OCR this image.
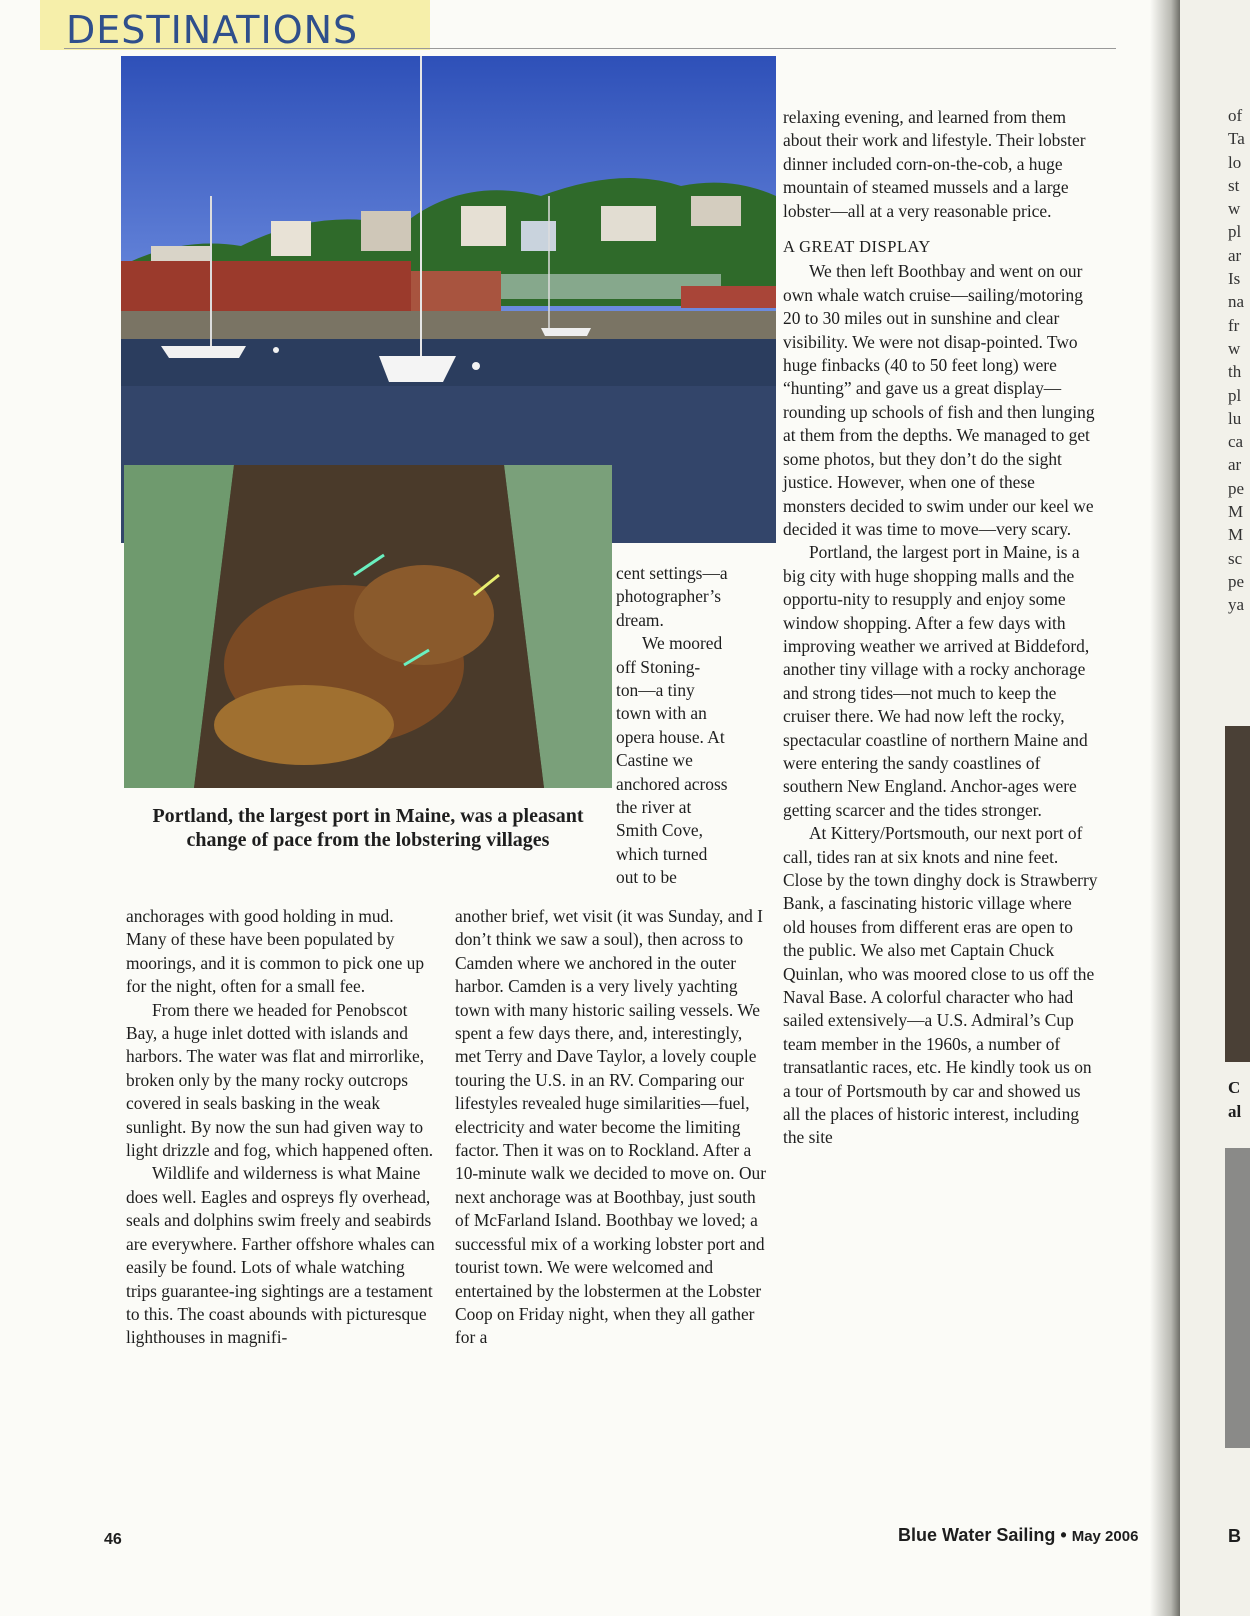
DESTINATIONS
Portland, the largest port in Maine, was a pleasant change of pace from the lobstering villages

cent settings—a

photographer’s

dream.

We moored

off Stoning-

ton—a tiny

town with an

opera house. At

Castine we

anchored across

the river at

Smith Cove,

which turned

out to be

anchorages with good holding in mud. Many of these have been populated by moorings, and it is common to pick one up for the night, often for a small fee.

From there we headed for Penobscot Bay, a huge inlet dotted with islands and harbors. The water was flat and mirrorlike, broken only by the many rocky outcrops covered in seals basking in the weak sunlight. By now the sun had given way to light drizzle and fog, which happened often.

Wildlife and wilderness is what Maine does well. Eagles and ospreys fly overhead, seals and dolphins swim freely and seabirds are everywhere. Farther offshore whales can easily be found. Lots of whale watching trips guarantee-ing sightings are a testament to this. The coast abounds with picturesque lighthouses in magnifi-

another brief, wet visit (it was Sunday, and I don’t think we saw a soul), then across to Camden where we anchored in the outer harbor. Camden is a very lively yachting town with many historic sailing vessels. We spent a few days there, and, interestingly, met Terry and Dave Taylor, a lovely couple touring the U.S. in an RV. Comparing our lifestyles revealed huge similarities—fuel, electricity and water become the limiting factor. Then it was on to Rockland. After a 10-minute walk we decided to move on. Our next anchorage was at Boothbay, just south of McFarland Island. Boothbay we loved; a successful mix of a working lobster port and tourist town. We were welcomed and entertained by the lobstermen at the Lobster Coop on Friday night, when they all gather for a

relaxing evening, and learned from them about their work and lifestyle. Their lobster dinner included corn-on-the-cob, a huge mountain of steamed mussels and a large lobster—all at a very reasonable price.

A GREAT DISPLAY

We then left Boothbay and went on our own whale watch cruise—sailing/motoring 20 to 30 miles out in sunshine and clear visibility. We were not disap-pointed. Two huge finbacks (40 to 50 feet long) were “hunting” and gave us a great display—rounding up schools of fish and then lunging at them from the depths. We managed to get some photos, but they don’t do the sight justice. However, when one of these monsters decided to swim under our keel we decided it was time to move—very scary.

Portland, the largest port in Maine, is a big city with huge shopping malls and the opportu-nity to resupply and enjoy some window shopping. After a few days with improving weather we arrived at Biddeford, another tiny village with a rocky anchorage and strong tides—not much to keep the cruiser there. We had now left the rocky, spectacular coastline of northern Maine and were entering the sandy coastlines of southern New England. Anchor-ages were getting scarcer and the tides stronger.

At Kittery/Portsmouth, our next port of call, tides ran at six knots and nine feet. Close by the town dinghy dock is Strawberry Bank, a fascinating historic village where old houses from different eras are open to the public. We also met Captain Chuck Quinlan, who was moored close to us off the Naval Base. A colorful character who had sailed extensively—a U.S. Admiral’s Cup team member in the 1960s, a number of transatlantic races, etc. He kindly took us on a tour of Portsmouth by car and showed us all the places of historic interest, including the site

46	Blue Water Sailing • May 2006
of
Ta
lo
st
w
pl
ar
Is
na
fr
w
th
pl
lu
ca
ar
pe
M
M
sc
pe
ya
C
al
B
